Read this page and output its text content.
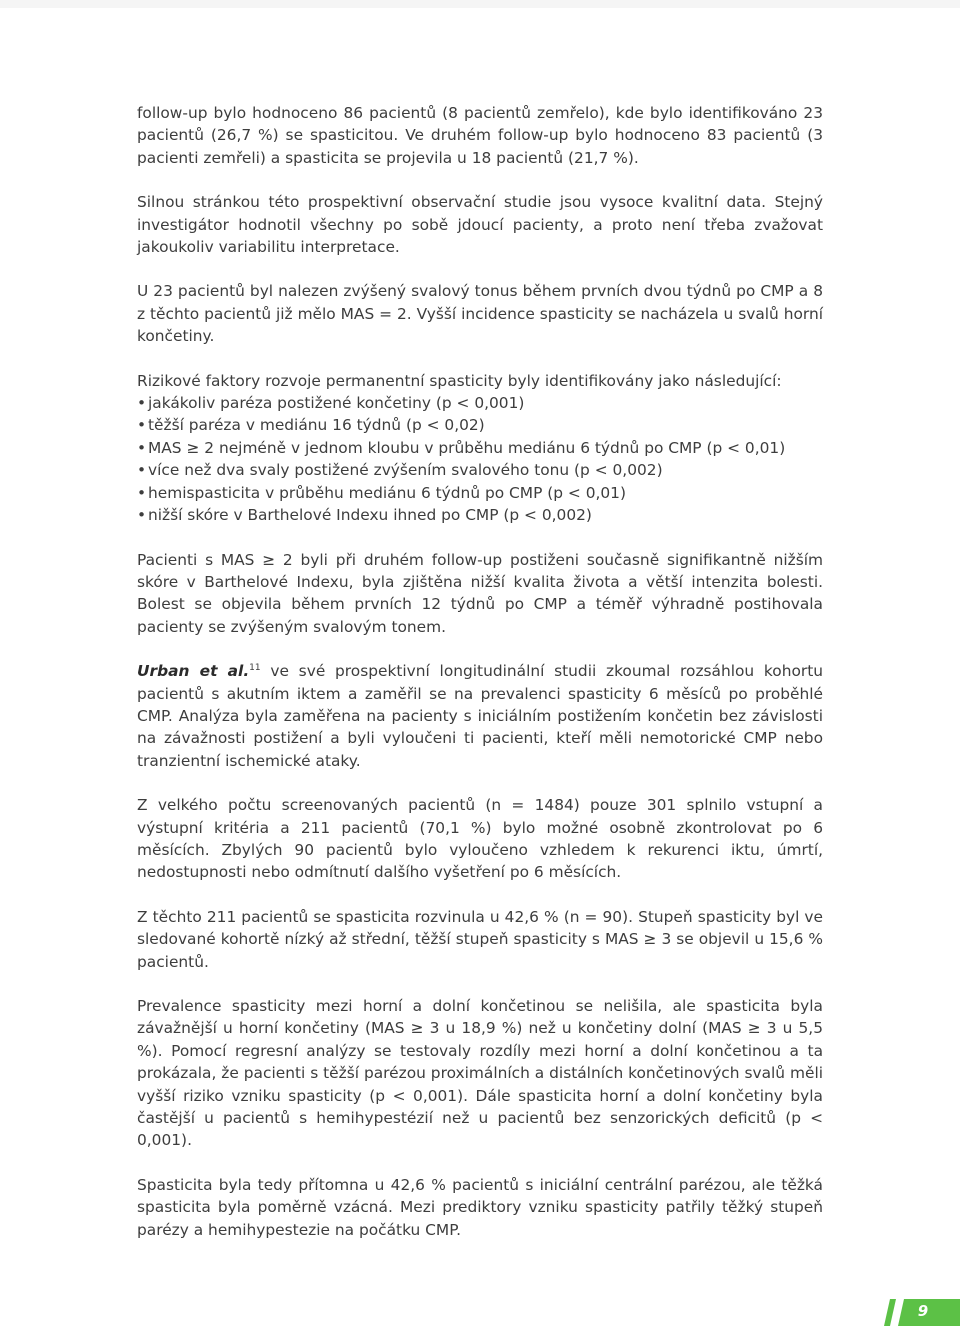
follow-up bylo hodnoceno 86 pacientů (8 pacientů zemřelo), kde bylo identifikováno 23 pacientů (26,7 %) se spasticitou. Ve druhém follow-up bylo hodnoceno 83 pacientů (3 pacienti zemřeli) a spasticita se projevila u 18 pacientů (21,7 %).

Silnou stránkou této prospektivní observační studie jsou vysoce kvalitní data. Stejný investigátor hodnotil všechny po sobě jdoucí pacienty, a proto není třeba zvažovat jakoukoliv variabilitu interpretace.

U 23 pacientů byl nalezen zvýšený svalový tonus během prvních dvou týdnů po CMP a 8 z těchto pacientů již mělo MAS = 2. Vyšší incidence spasticity se nacházela u svalů horní končetiny.

Rizikové faktory rozvoje permanentní spasticity byly identifikovány jako následující:

• jakákoliv paréza postižené končetiny (p < 0,001)
• těžší paréza v mediánu 16 týdnů (p < 0,02)
• MAS ≥ 2 nejméně v jednom kloubu v průběhu mediánu 6 týdnů po CMP (p < 0,01)
• více než dva svaly postižené zvýšením svalového tonu (p < 0,002)
• hemispasticita v průběhu mediánu 6 týdnů po CMP (p < 0,01)
• nižší skóre v Barthelové Indexu ihned po CMP (p < 0,002)

Pacienti s MAS ≥ 2 byli při druhém follow-up postiženi současně signifikantně nižším skóre v Barthelové Indexu, byla zjištěna nižší kvalita života a větší intenzita bolesti. Bolest se objevila během prvních 12 týdnů po CMP a téměř výhradně postihovala pacienty se zvýšeným svalovým tonem.

Urban et al.$^{11}$ ve své prospektivní longitudinální studii zkoumal rozsáhlou kohortu pacientů s akutním iktem a zaměřil se na prevalenci spasticity 6 měsíců po proběhlé CMP. Analýza byla zaměřena na pacienty s iniciálním postižením končetin bez závislosti na závažnosti postižení a byli vyloučeni ti pacienti, kteří měli nemotorické CMP nebo tranzientní ischemické ataky.

Z velkého počtu screenovaných pacientů (n = 1484) pouze 301 splnilo vstupní a výstupní kritéria a 211 pacientů (70,1 %) bylo možné osobně zkontrolovat po 6 měsících. Zbylých 90 pacientů bylo vyloučeno vzhledem k rekurenci iktu, úmrtí, nedostupnosti nebo odmítnutí dalšího vyšetření po 6 měsících.

Z těchto 211 pacientů se spasticita rozvinula u 42,6 % (n = 90). Stupeň spasticity byl ve sledované kohortě nízký až střední, těžší stupeň spasticity s MAS ≥ 3 se objevil u 15,6 % pacientů.

Prevalence spasticity mezi horní a dolní končetinou se nelišila, ale spasticita byla závažnější u horní končetiny (MAS ≥ 3 u 18,9 %) než u končetiny dolní (MAS ≥ 3 u 5,5 %). Pomocí regresní analýzy se testovaly rozdíly mezi horní a dolní končetinou a ta prokázala, že pacienti s těžší parézou proximálních a distálních končetinových svalů měli vyšší riziko vzniku spasticity (p < 0,001). Dále spasticita horní a dolní končetiny byla častější u pacientů s hemihypestézií než u pacientů bez senzorických deficitů (p < 0,001).

Spasticita byla tedy přítomna u 42,6 % pacientů s iniciální centrální parézou, ale těžká spasticita byla poměrně vzácná. Mezi prediktory vzniku spasticity patřily těžký stupeň parézy a hemihypestezie na počátku CMP.

9
